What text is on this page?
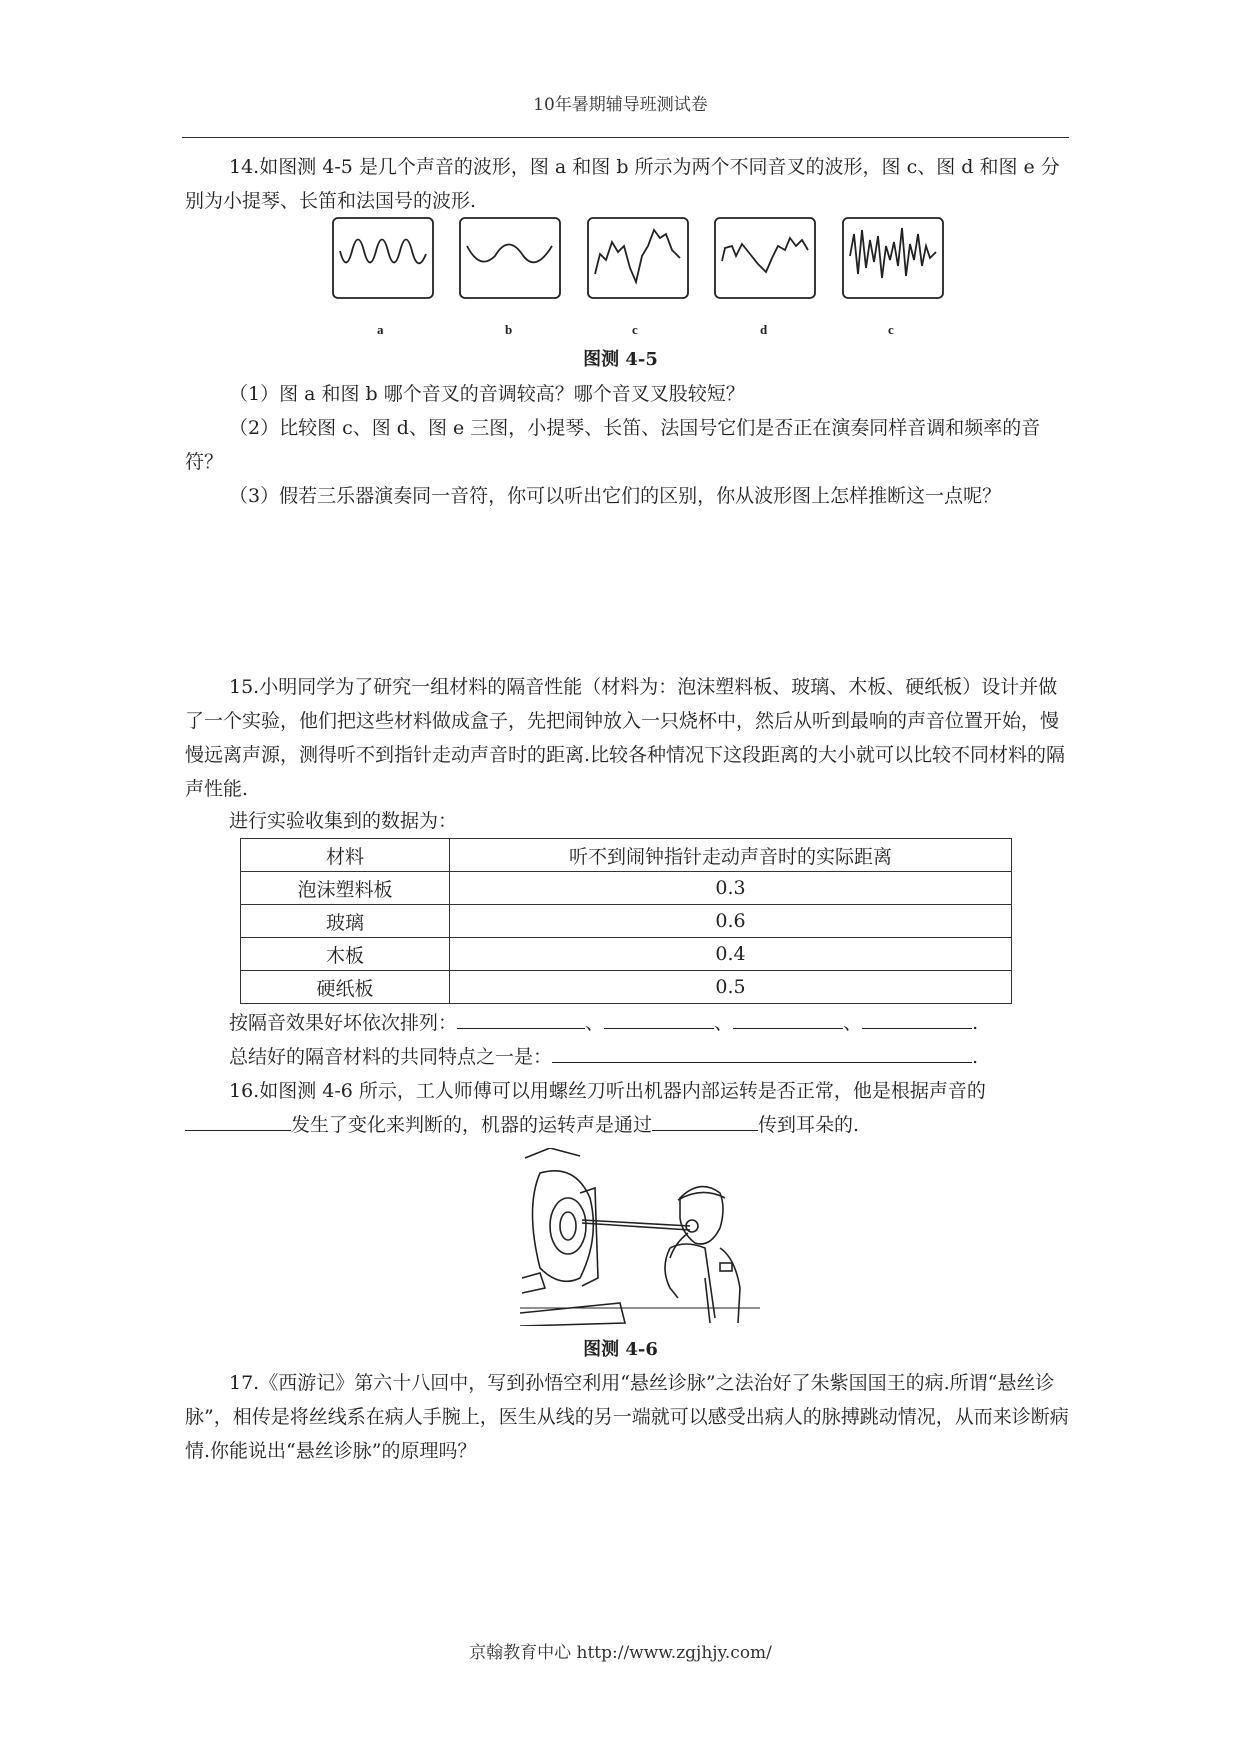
10年暑期辅导班测试卷

14.如图测 4-5 是几个声音的波形，图 a 和图 b 所示为两个不同音叉的波形，图 c、图 d 和图 e 分别为小提琴、长笛和法国号的波形.

a	b	c	d	c
图测 4-5

（1）图 a 和图 b 哪个音叉的音调较高？哪个音叉叉股较短？

（2）比较图 c、图 d、图 e 三图，小提琴、长笛、法国号它们是否正在演奏同样音调和频率的音符？

（3）假若三乐器演奏同一音符，你可以听出它们的区别，你从波形图上怎样推断这一点呢？

15.小明同学为了研究一组材料的隔音性能（材料为：泡沫塑料板、玻璃、木板、硬纸板）设计并做了一个实验，他们把这些材料做成盒子，先把闹钟放入一只烧杯中，然后从听到最响的声音位置开始，慢慢远离声源，测得听不到指针走动声音时的距离.比较各种情况下这段距离的大小就可以比较不同材料的隔声性能.

进行实验收集到的数据为：

材料	听不到闹钟指针走动声音时的实际距离
泡沫塑料板	0.3
玻璃	0.6
木板	0.4
硬纸板	0.5

按隔音效果好坏依次排列：	、	、	、	.

总结好的隔音材料的共同特点之一是：	.

16.如图测 4-6 所示，工人师傅可以用螺丝刀听出机器内部运转是否正常，他是根据声音的发生了变化来判断的，机器的运转声是通过	传到耳朵的.

图测 4-6

17.《西游记》第六十八回中，写到孙悟空利用“悬丝诊脉”之法治好了朱紫国国王的病.所谓“悬丝诊脉”，相传是将丝线系在病人手腕上，医生从线的另一端就可以感受出病人的脉搏跳动情况，从而来诊断病情.你能说出“悬丝诊脉”的原理吗？

京翰教育中心 http://www.zgjhjy.com/
